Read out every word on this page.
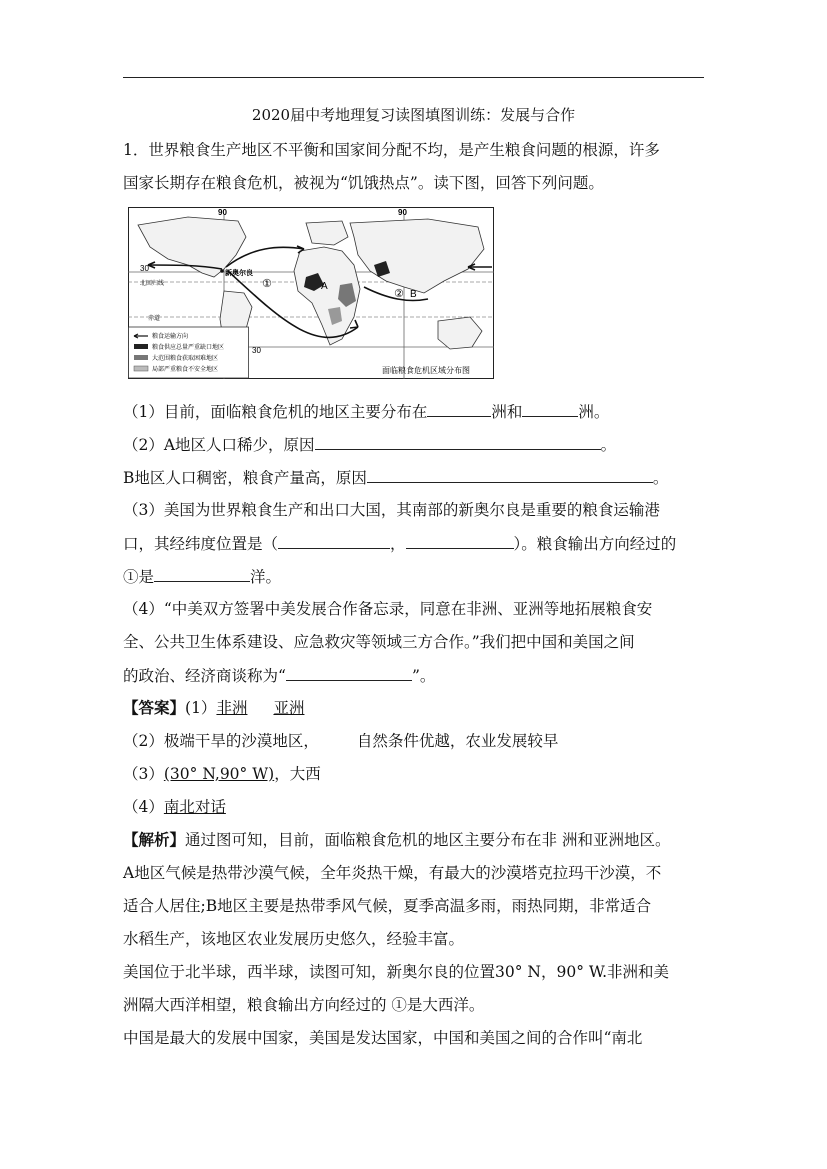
2020届中考地理复习读图填图训练：发展与合作
1．世界粮食生产地区不平衡和国家间分配不均，是产生粮食问题的根源，许多
国家长期存在粮食危机，被视为“饥饿热点”。读下图，回答下列问题。
90	90
30
北回归线
赤道
30
新奥尔良
A
B
①
②
粮食运输方向
粮食供应总量严重缺口地区
大范围粮食获取困难地区
局部严重粮食不安全地区	面临粮食危机区域分布图
（1）目前，面临粮食危机的地区主要分布在	洲和	洲。
（2）A地区人口稀少，原因	。
B地区人口稠密，粮食产量高，原因	。
（3）美国为世界粮食生产和出口大国，其南部的新奥尔良是重要的粮食运输港
口，其经纬度位置是（	，	）。粮食输出方向经过的
①是	洋。
（4）“中美双方签署中美发展合作备忘录，同意在非洲、亚洲等地拓展粮食安
全、公共卫生体系建设、应急救灾等领域三方合作。”我们把中国和美国之间
的政治、经济商谈称为“	”。
【答案】(1）非洲 亚洲
（2）极端干旱的沙漠地区， 自然条件优越，农业发展较早
（3）(30° N,90° W)，大西
（4）南北对话
【解析】通过图可知，目前，面临粮食危机的地区主要分布在非 洲和亚洲地区。
A地区气候是热带沙漠气候，全年炎热干燥，有最大的沙漠塔克拉玛干沙漠，不
适合人居住;B地区主要是热带季风气候，夏季高温多雨，雨热同期，非常适合
水稻生产，该地区农业发展历史悠久，经验丰富。
美国位于北半球，西半球，读图可知，新奥尔良的位置30° N，90° W.非洲和美
洲隔大西洋相望，粮食输出方向经过的 ①是大西洋。
中国是最大的发展中国家，美国是发达国家，中国和美国之间的合作叫“南北
